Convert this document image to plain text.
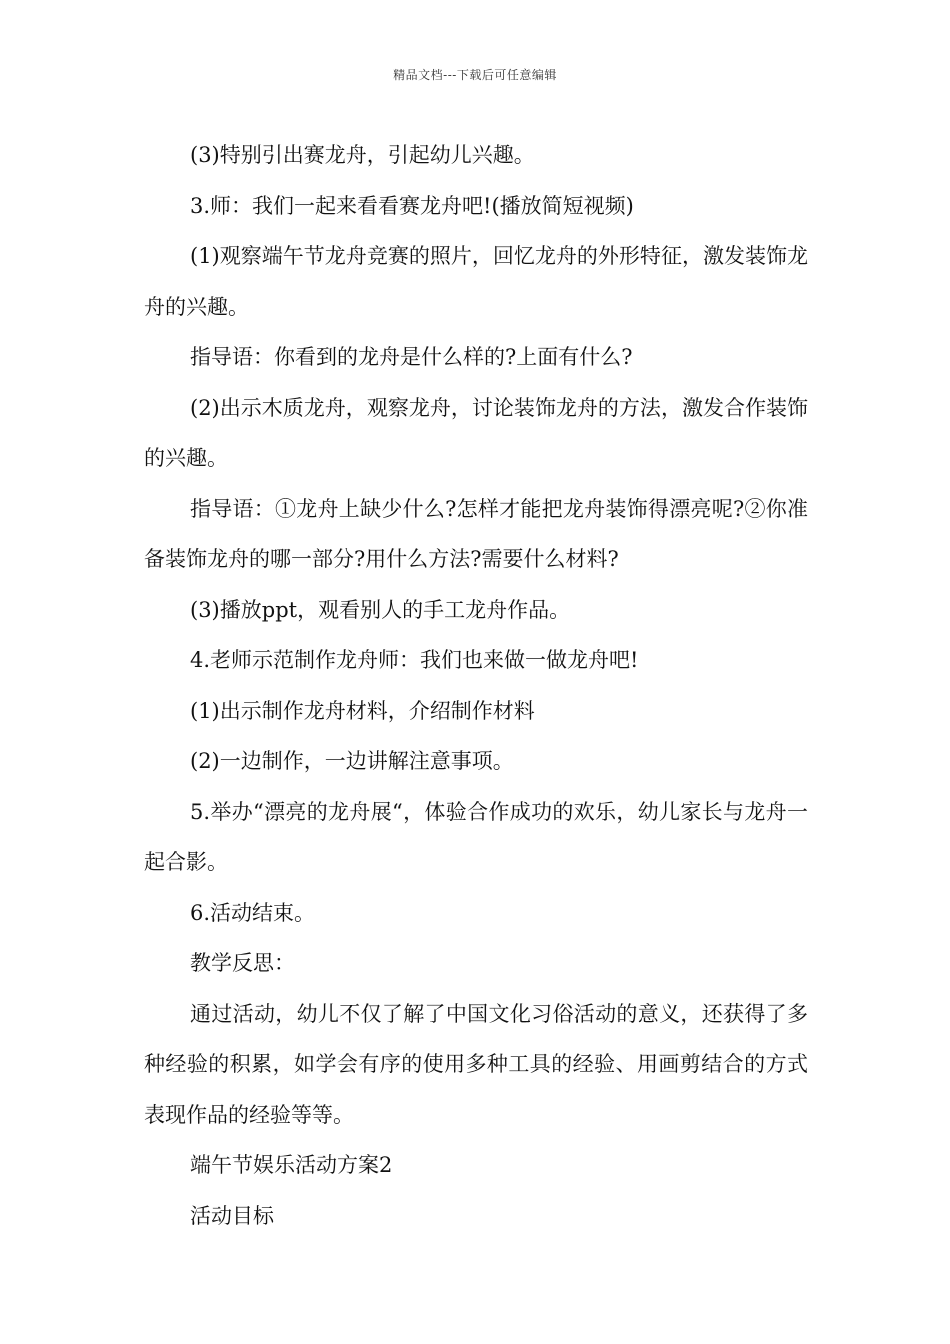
精品文档---下载后可任意编辑

(3)特别引出赛龙舟，引起幼儿兴趣。

3.师：我们一起来看看赛龙舟吧!(播放简短视频)

(1)观察端午节龙舟竞赛的照片，回忆龙舟的外形特征，激发装饰龙舟的兴趣。

指导语：你看到的龙舟是什么样的?上面有什么?

(2)出示木质龙舟，观察龙舟，讨论装饰龙舟的方法，激发合作装饰的兴趣。

指导语：①龙舟上缺少什么?怎样才能把龙舟装饰得漂亮呢?②你准备装饰龙舟的哪一部分?用什么方法?需要什么材料?

(3)播放ppt，观看别人的手工龙舟作品。

4.老师示范制作龙舟师：我们也来做一做龙舟吧!

(1)出示制作龙舟材料，介绍制作材料

(2)一边制作，一边讲解注意事项。

5.举办“漂亮的龙舟展“，体验合作成功的欢乐，幼儿家长与龙舟一起合影。

6.活动结束。

教学反思：

通过活动，幼儿不仅了解了中国文化习俗活动的意义，还获得了多种经验的积累，如学会有序的使用多种工具的经验、用画剪结合的方式表现作品的经验等等。

端午节娱乐活动方案2

活动目标
